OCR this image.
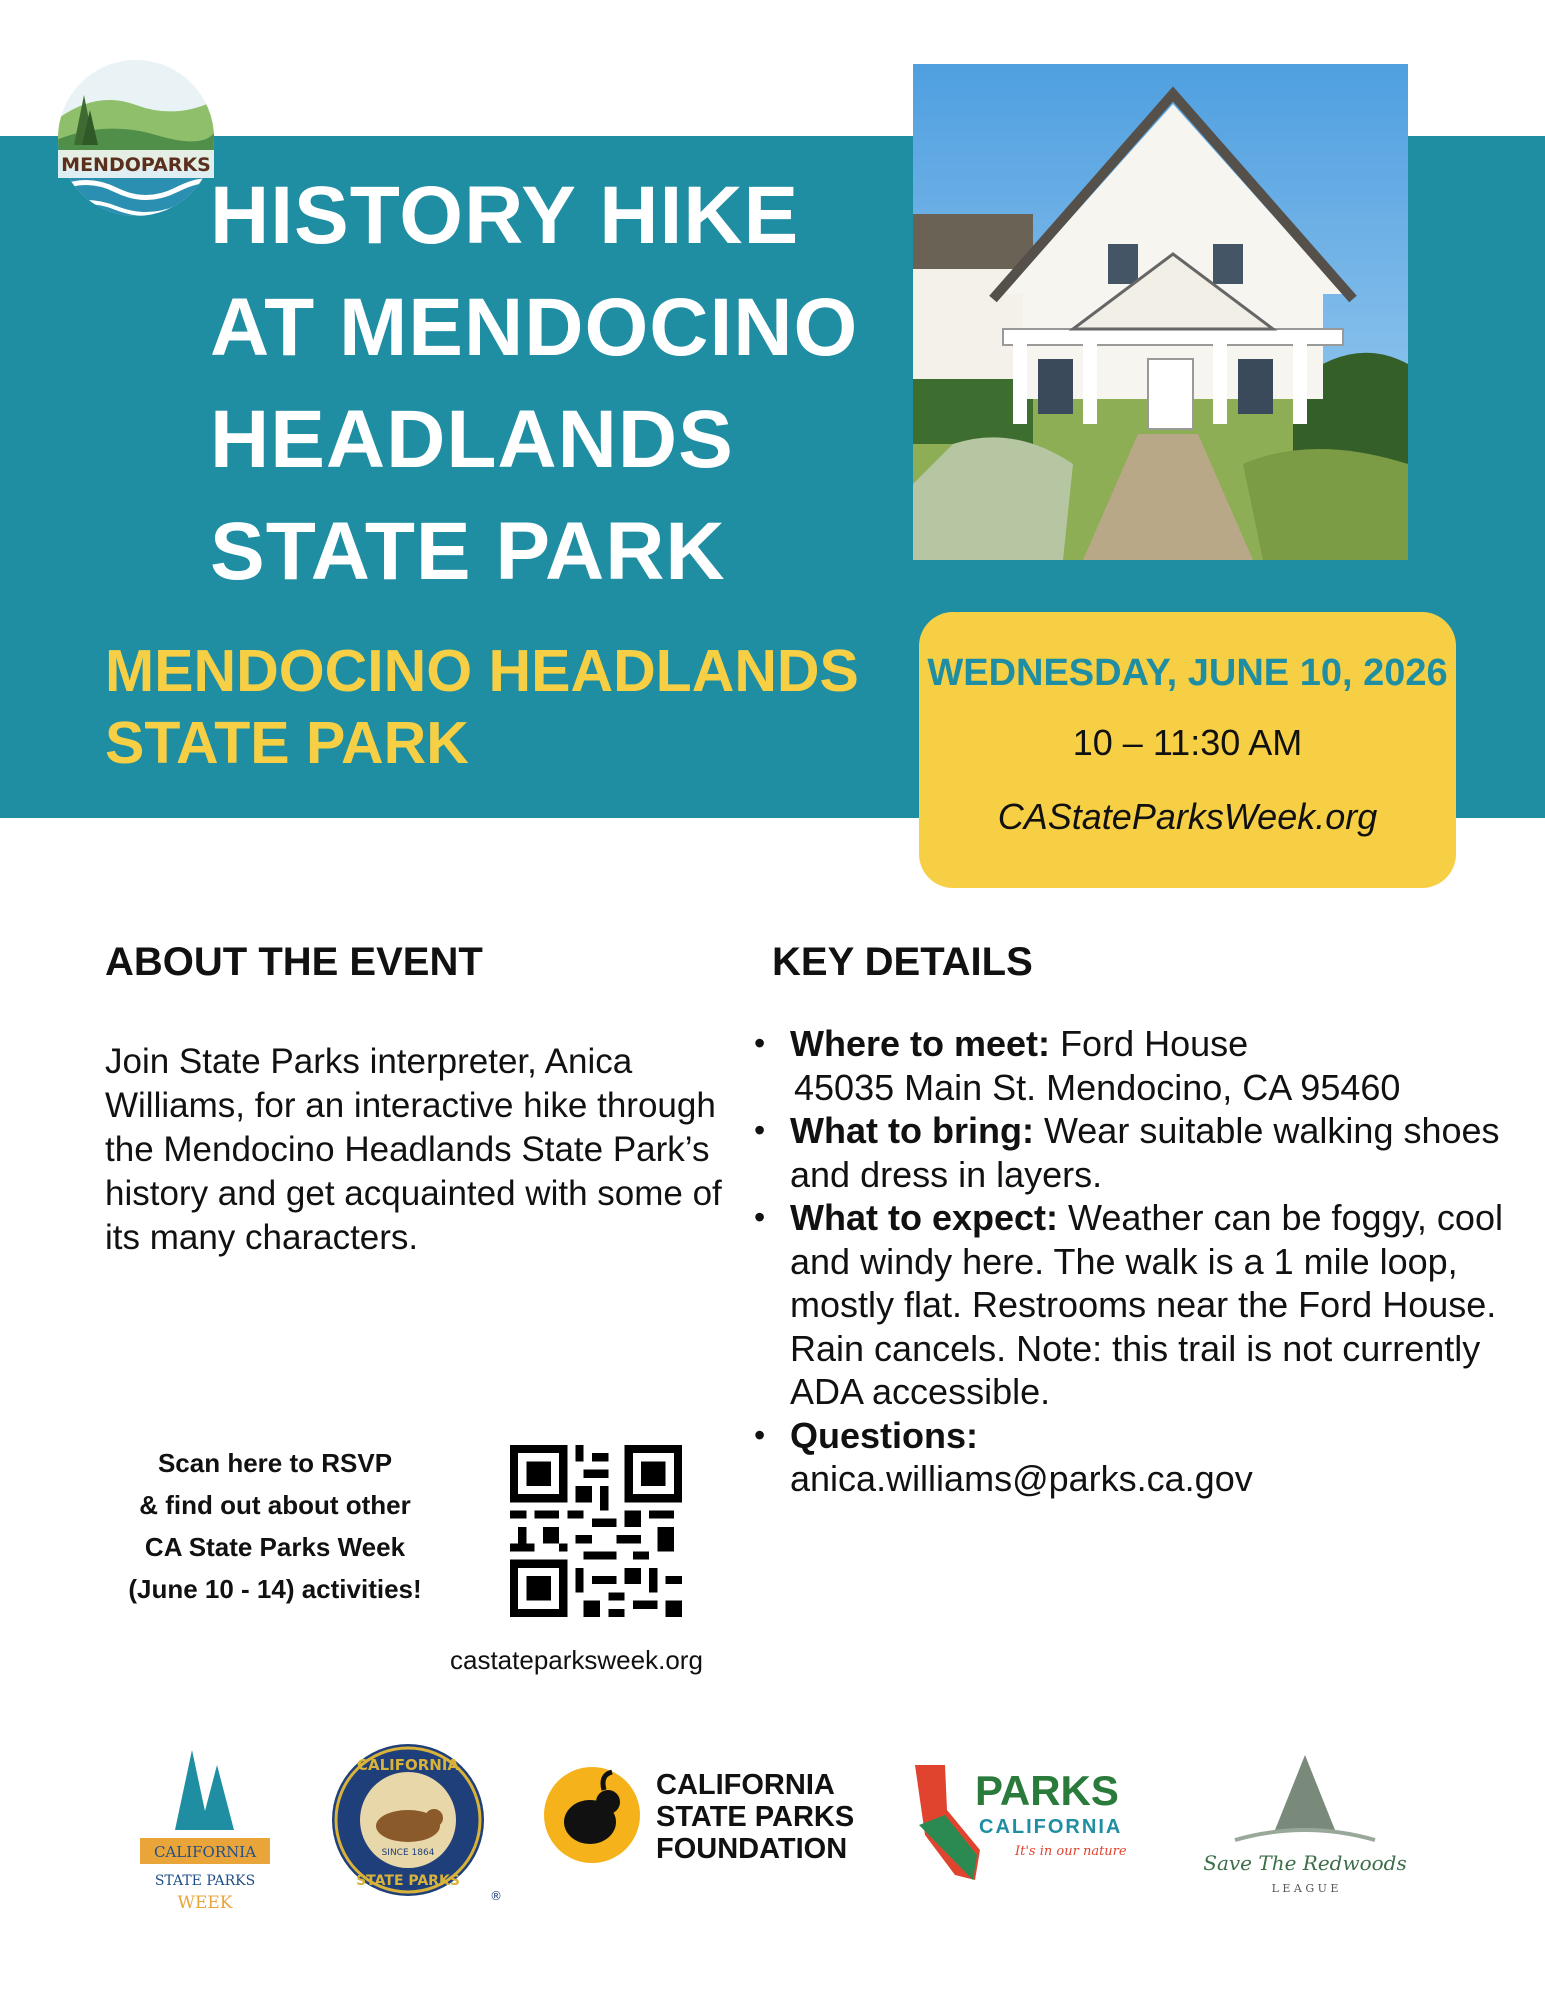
MENDOPARKS
HISTORY HIKE
AT MENDOCINO
HEADLANDS
STATE PARK
MENDOCINO HEADLANDS
STATE PARK
WEDNESDAY, JUNE 10, 2026
10 – 11:30 AM
CAStateParksWeek.org
ABOUT THE EVENT	KEY DETAILS
Join State Parks interpreter, Anica Williams, for an interactive hike through the Mendocino Headlands State Park’s history and get acquainted with some of its many characters.
• Where to meet: Ford House
45035 Main St. Mendocino, CA 95460
• What to bring: Wear suitable walking shoes and dress in layers.
• What to expect: Weather can be foggy, cool and windy here. The walk is a 1 mile loop, mostly flat. Restrooms near the Ford House. Rain cancels. Note: this trail is not currently ADA accessible.
• Questions:
anica.williams@parks.ca.gov
Scan here to RSVP
& find out about other
CA State Parks Week
(June 10 - 14) activities!
castateparksweek.org
CALIFORNIA
STATE PARKS
WEEK
CALIFORNIA
STATE PARKS
SINCE 1864
®
CALIFORNIA
STATE PARKS
FOUNDATION
PARKS
CALIFORNIA
It's in our nature	Save The Redwoods
L E A G U E
